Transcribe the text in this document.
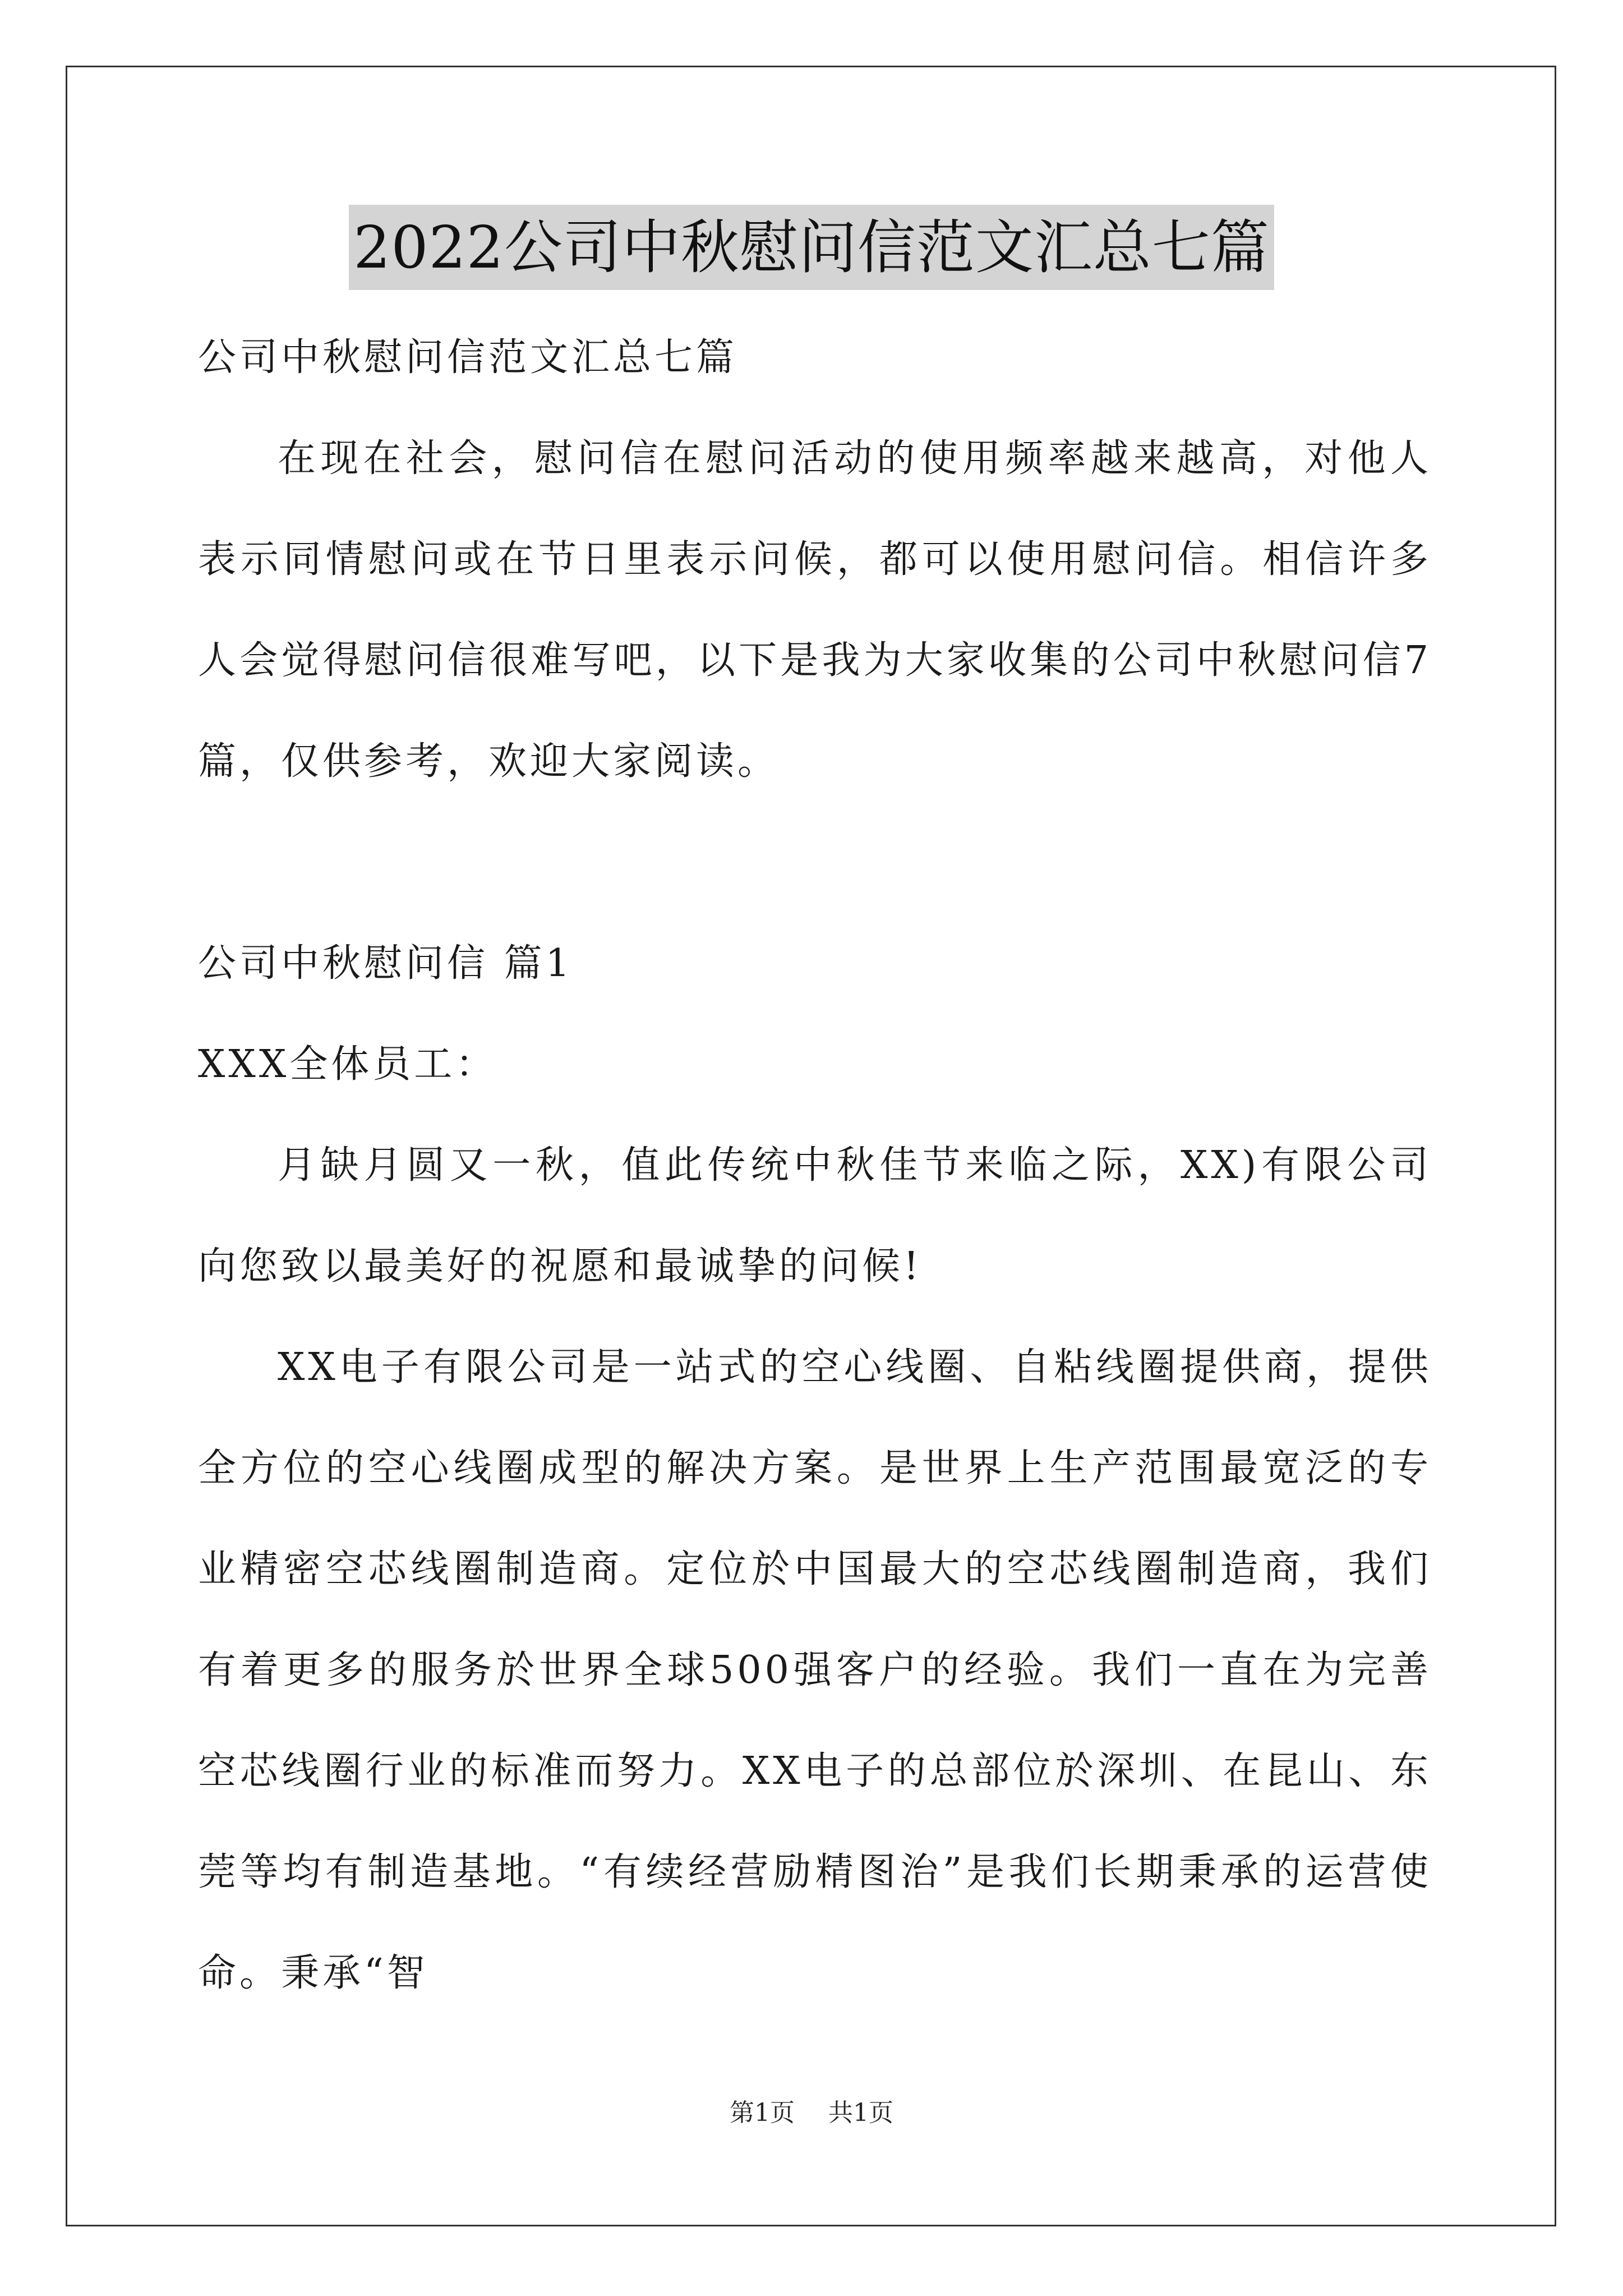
2022公司中秋慰问信范文汇总七篇

公司中秋慰问信范文汇总七篇

在现在社会，慰问信在慰问活动的使用频率越来越高，对他人表示同情慰问或在节日里表示问候，都可以使用慰问信。相信许多人会觉得慰问信很难写吧，以下是我为大家收集的公司中秋慰问信7篇，仅供参考，欢迎大家阅读。

公司中秋慰问信 篇1

XXX全体员工：

月缺月圆又一秋，值此传统中秋佳节来临之际，XX)有限公司向您致以最美好的祝愿和最诚挚的问候!

XX电子有限公司是一站式的空心线圈、自粘线圈提供商，提供全方位的空心线圈成型的解决方案。是世界上生产范围最宽泛的专业精密空芯线圈制造商。定位於中国最大的空芯线圈制造商，我们有着更多的服务於世界全球500强客户的经验。我们一直在为完善空芯线圈行业的标准而努力。XX电子的总部位於深圳、在昆山、东莞等均有制造基地。“有续经营励精图治”是我们长期秉承的运营使命。秉承“智

第1页 共1页
